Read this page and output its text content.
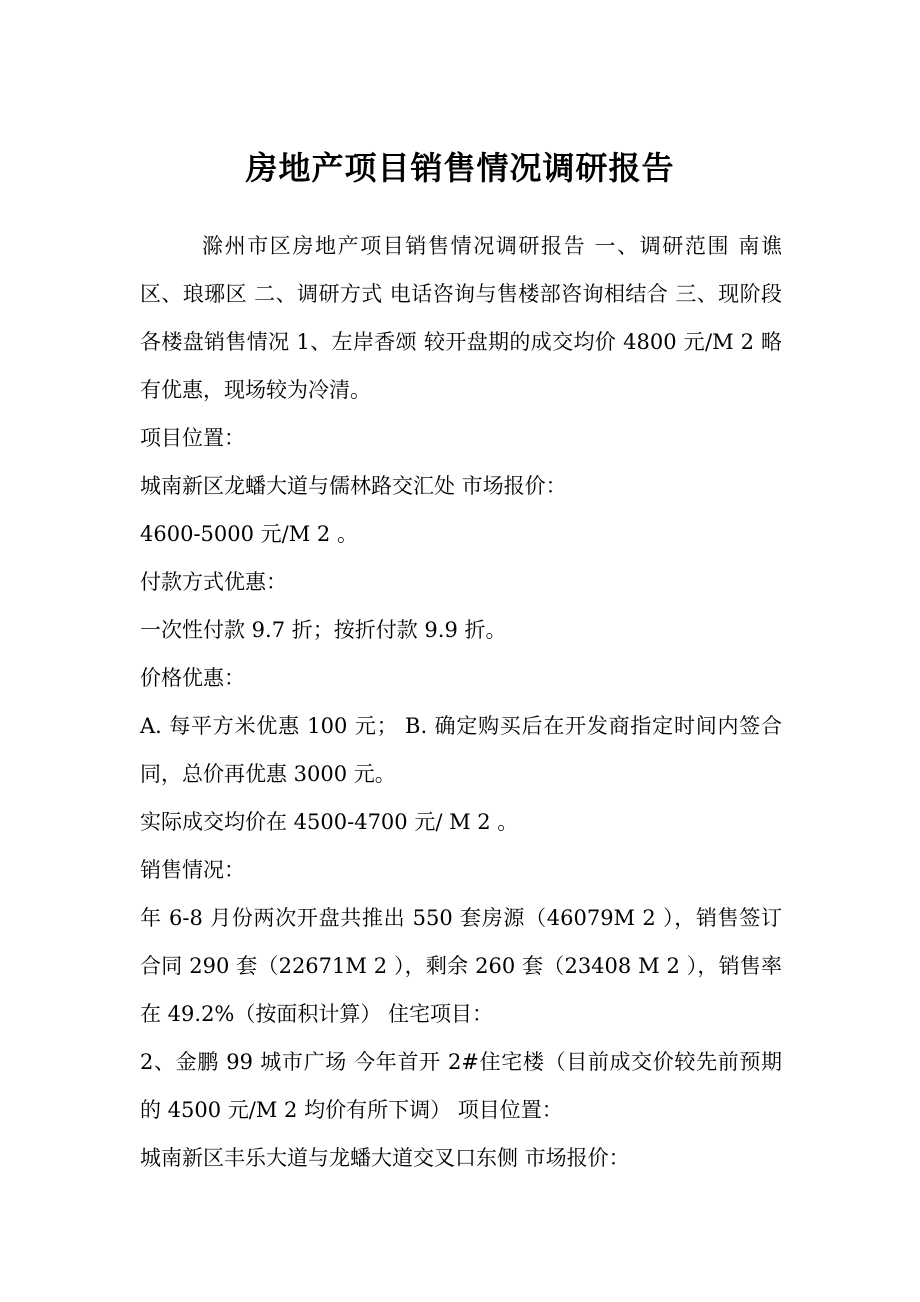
房地产项目销售情况调研报告

滁州市区房地产项目销售情况调研报告 一、调研范围 南谯区、琅琊区 二、调研方式 电话咨询与售楼部咨询相结合 三、现阶段各楼盘销售情况 1、左岸香颂 较开盘期的成交均价 4800 元/M 2 略有优惠，现场较为冷清。

项目位置：

城南新区龙蟠大道与儒林路交汇处 市场报价：

4600-5000 元/M 2 。

付款方式优惠：

一次性付款 9.7 折；按折付款 9.9 折。

价格优惠：

A. 每平方米优惠 100 元； B. 确定购买后在开发商指定时间内签合同，总价再优惠 3000 元。

实际成交均价在 4500-4700 元/ M 2 。

销售情况：

年 6-8 月份两次开盘共推出 550 套房源（46079M 2 ），销售签订合同 290 套（22671M 2 ），剩余 260 套（23408 M 2 ），销售率在 49.2%（按面积计算） 住宅项目：

2、金鹏 99 城市广场 今年首开 2#住宅楼（目前成交价较先前预期的 4500 元/M 2 均价有所下调） 项目位置：

城南新区丰乐大道与龙蟠大道交叉口东侧 市场报价：
